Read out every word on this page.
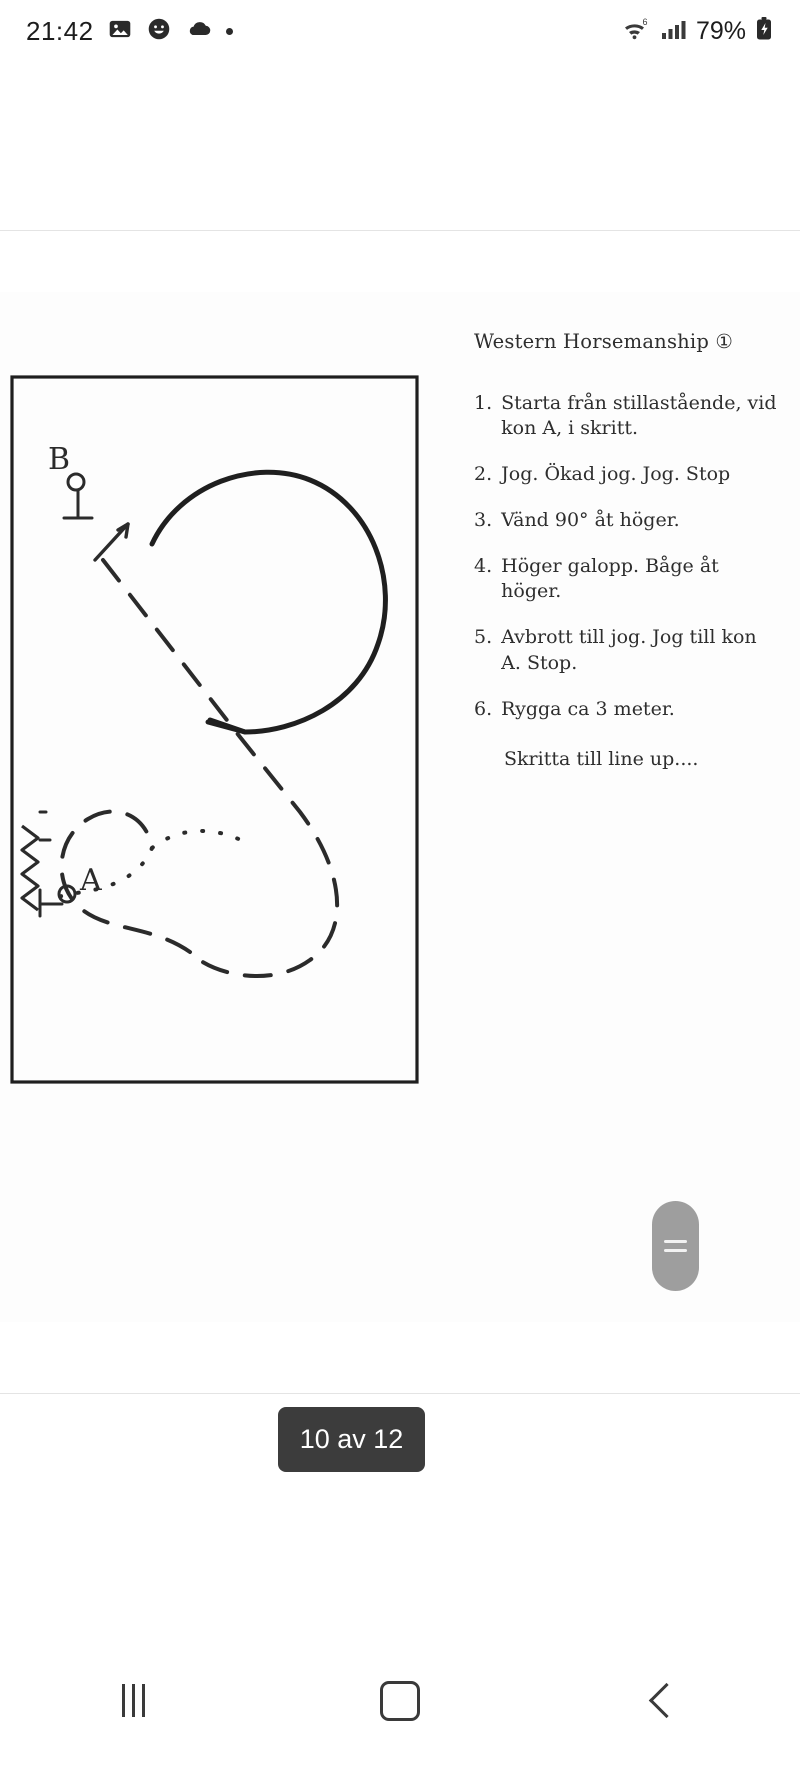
21:42	6 79%
B
A
Western Horsemanship ①
1. Starta från stillastående, vid kon A, i skritt.
2. Jog. Ökad jog. Jog. Stop
3. Vänd 90° åt höger.
4. Höger galopp. Båge åt höger.
5. Avbrott till jog. Jog till kon A. Stop.
6. Rygga ca 3 meter.
Skritta till line up....
10 av 12
